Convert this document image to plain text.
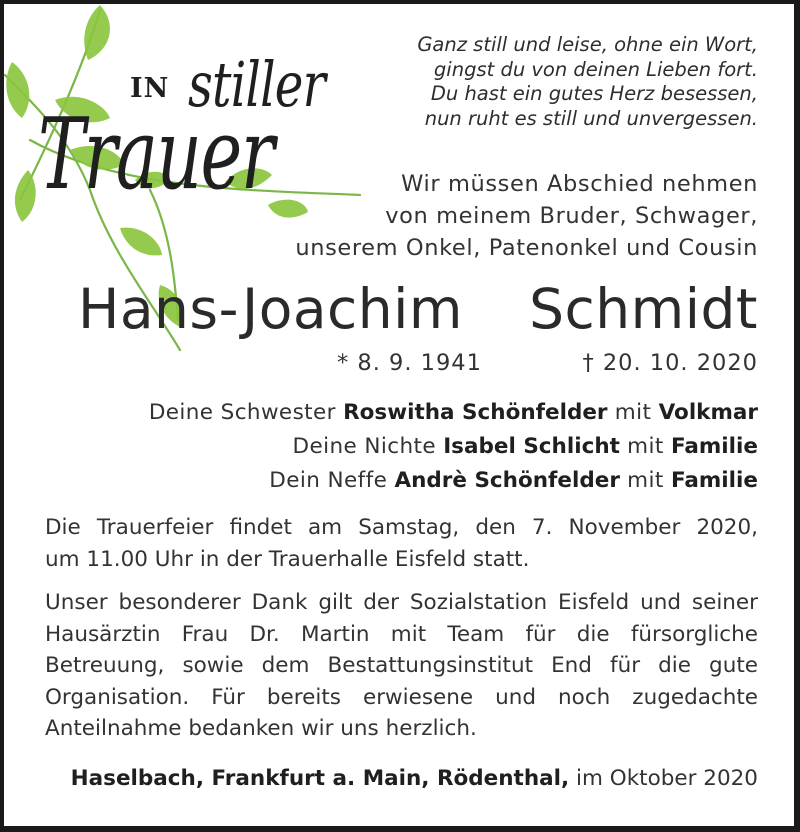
IN stiller
Trauer
Ganz still und leise, ohne ein Wort,
gingst du von deinen Lieben fort.
Du hast ein gutes Herz besessen,
nun ruht es still und unvergessen.
Wir müssen Abschied nehmen
von meinem Bruder, Schwager,
unserem Onkel, Patenonkel und Cousin
Hans-Joachim Schmidt
* 8. 9. 1941	† 20. 10. 2020
Deine Schwester Roswitha Schönfelder mit Volkmar
Deine Nichte Isabel Schlicht mit Familie
Dein Neffe Andrè Schönfelder mit Familie
Die Trauerfeier findet am Samstag, den 7. November 2020,
um 11.00 Uhr in der Trauerhalle Eisfeld statt.
Unser besonderer Dank gilt der Sozialstation Eisfeld und seiner
Hausärztin Frau Dr. Martin mit Team für die fürsorgliche
Betreuung, sowie dem Bestattungsinstitut End für die gute
Organisation. Für bereits erwiesene und noch zugedachte
Anteilnahme bedanken wir uns herzlich.
Haselbach, Frankfurt a. Main, Rödenthal, im Oktober 2020
